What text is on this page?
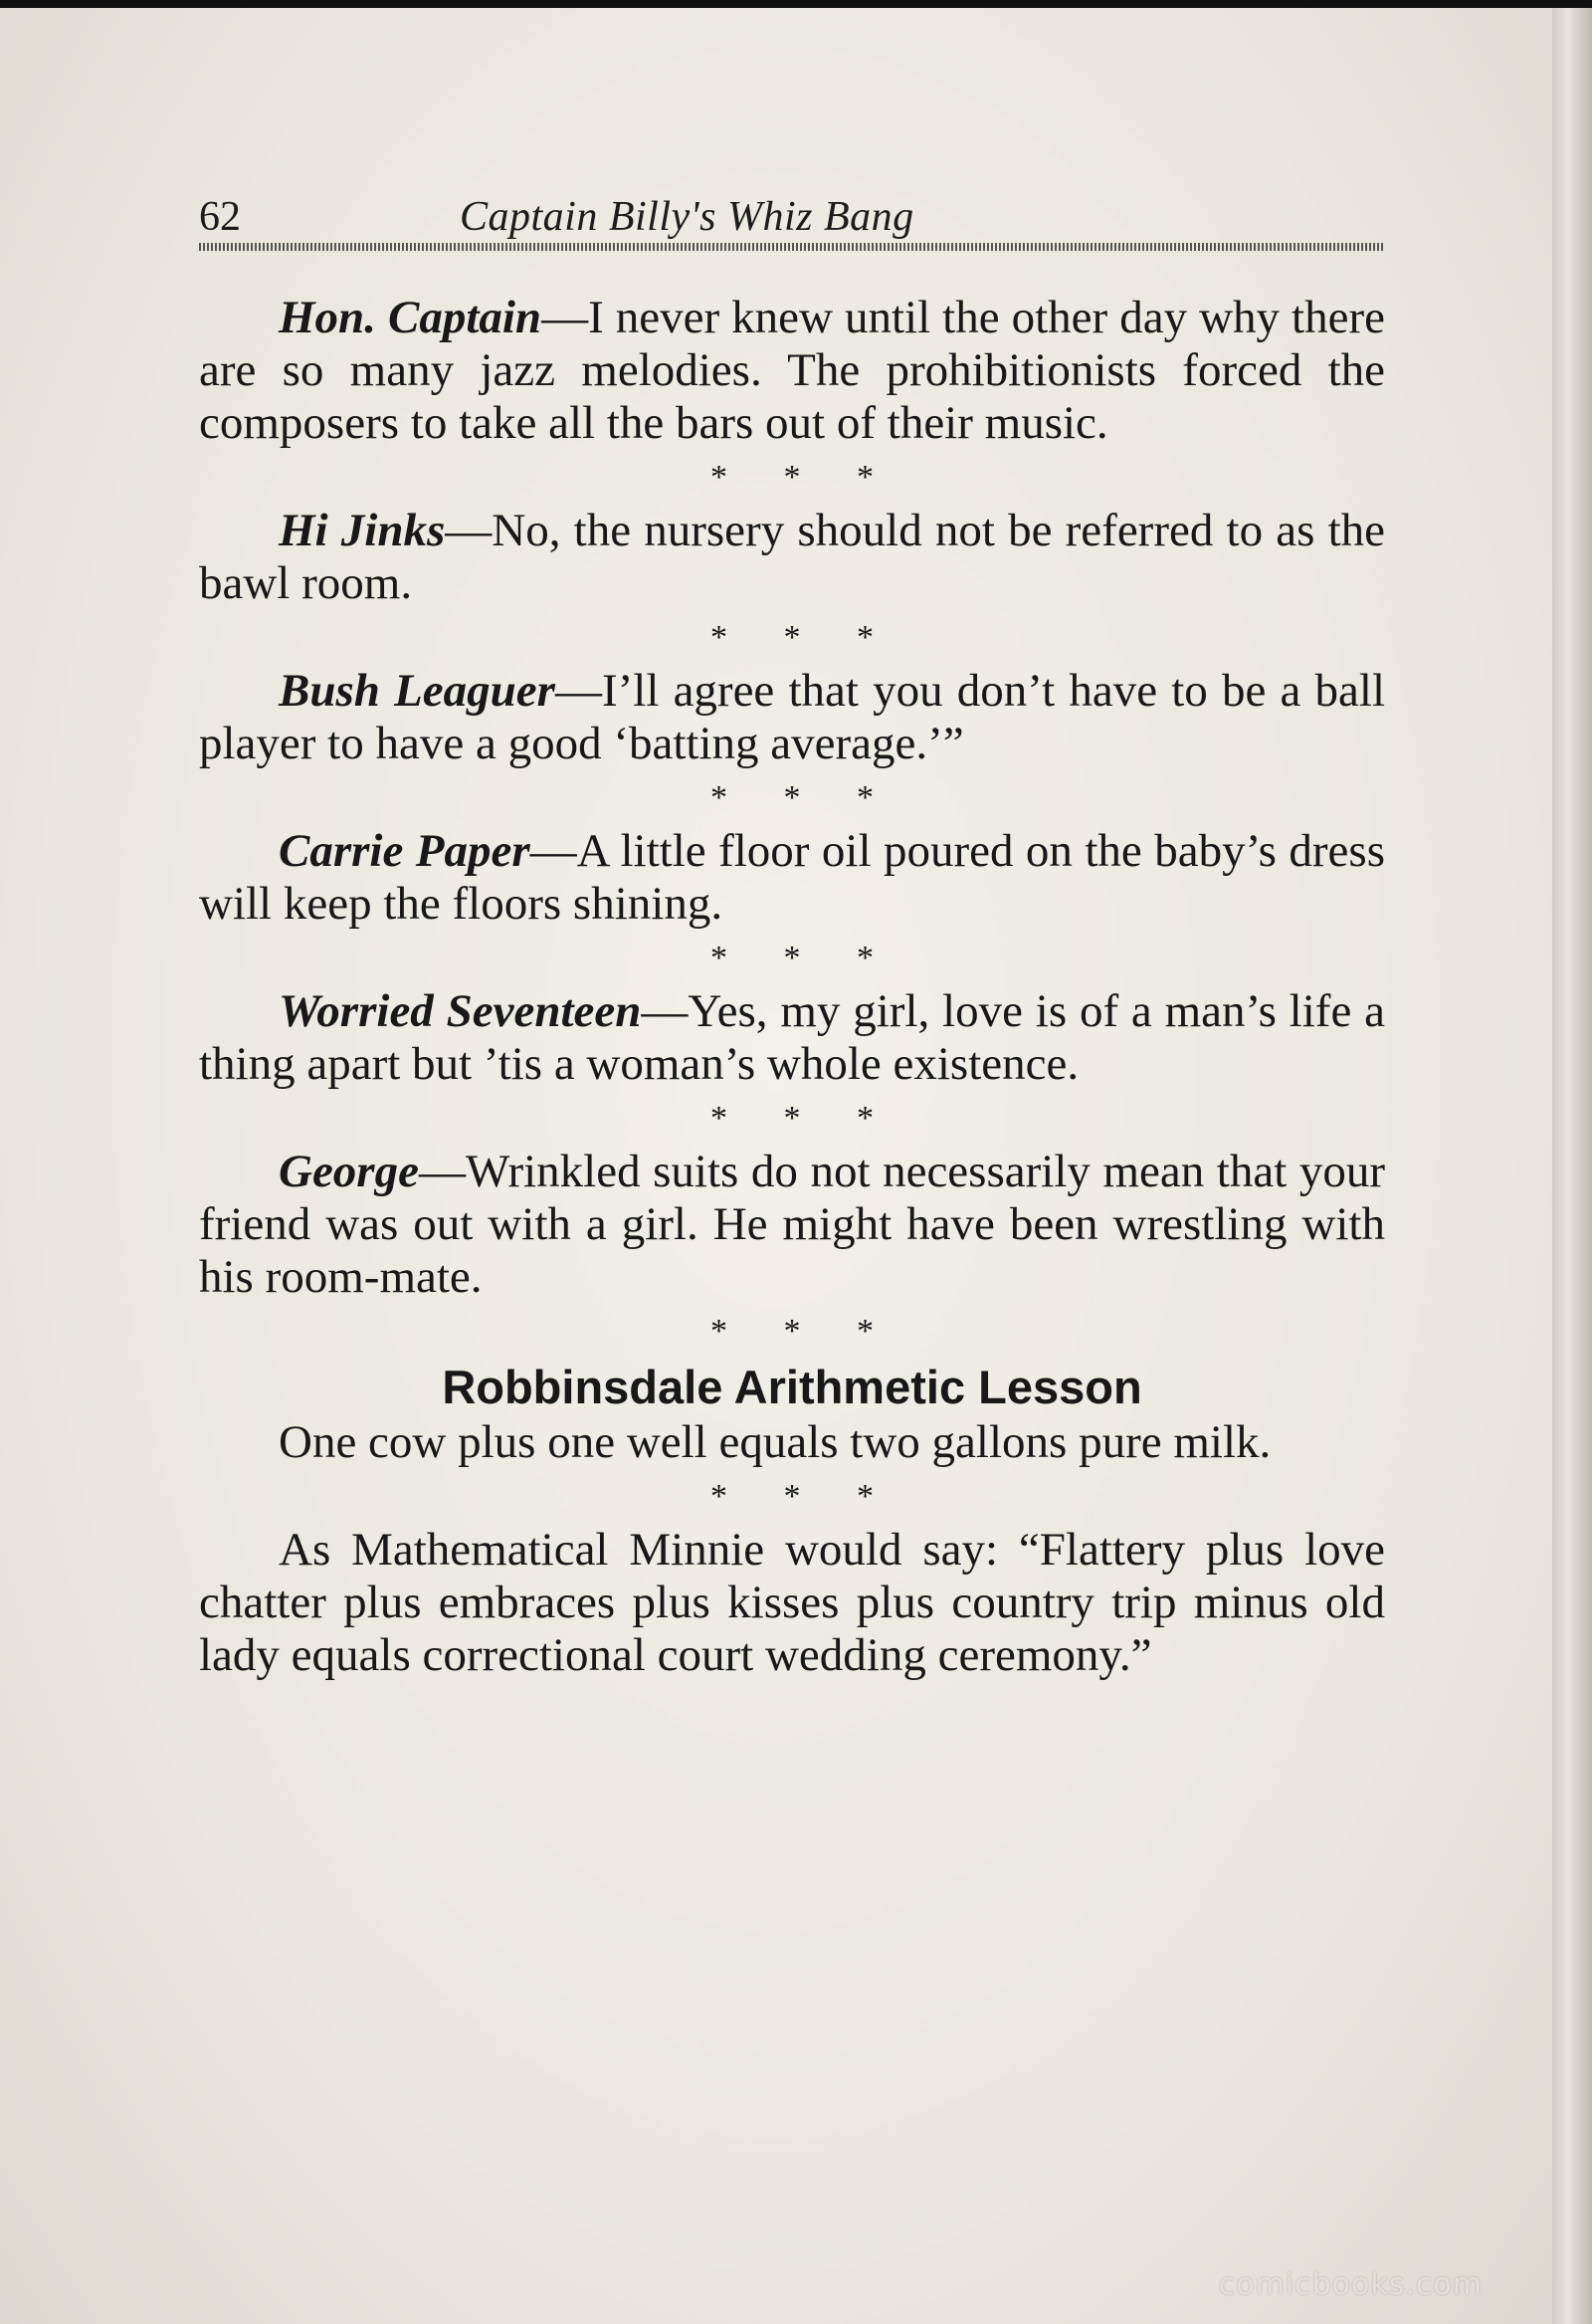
62	Captain Billy's Whiz Bang

Hon. Captain—I never knew until the other day why there are so many jazz melodies. The prohibitionists forced the composers to take all the bars out of their music.

* * *

Hi Jinks—No, the nursery should not be referred to as the bawl room.

* * *

Bush Leaguer—I’ll agree that you don’t have to be a ball player to have a good ‘batting average.’”

* * *

Carrie Paper—A little floor oil poured on the baby’s dress will keep the floors shining.

* * *

Worried Seventeen—Yes, my girl, love is of a man’s life a thing apart but ’tis a woman’s whole existence.

* * *

George—Wrinkled suits do not necessarily mean that your friend was out with a girl. He might have been wrestling with his room-mate.

* * *

Robbinsdale Arithmetic Lesson

One cow plus one well equals two gallons pure milk.

* * *

As Mathematical Minnie would say: “Flattery plus love chatter plus embraces plus kisses plus country trip minus old lady equals correctional court wedding ceremony.”

comicbooks.com
